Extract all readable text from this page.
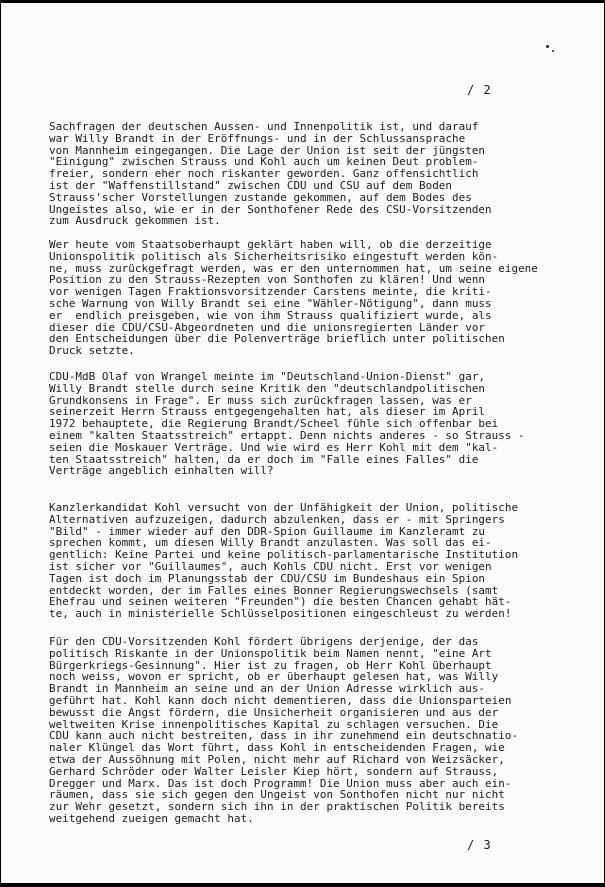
/ 2

Sachfragen der deutschen Aussen- und Innenpolitik ist, und darauf
war Willy Brandt in der Eröffnungs- und in der Schlussansprache
von Mannheim eingegangen. Die Lage der Union ist seit der jüngsten
"Einigung" zwischen Strauss und Kohl auch um keinen Deut problem-
freier, sondern eher noch riskanter geworden. Ganz offensichtlich
ist der "Waffenstillstand" zwischen CDU und CSU auf dem Boden
Strauss'scher Vorstellungen zustande gekommen, auf dem Bodes des
Ungeistes also, wie er in der Sonthofener Rede des CSU-Vorsitzenden
zum Ausdruck gekommen ist.

Wer heute vom Staatsoberhaupt geklärt haben will, ob die derzeitige
Unionspolitik politisch als Sicherheitsrisiko eingestuft werden kön-
ne, muss zurückgefragt werden, was er den unternommen hat, um seine eigene
Position zu den Strauss-Rezepten von Sonthofen zu klären! Und wenn
vor wenigen Tagen Fraktionsvorsitzender Carstens meinte, die kriti-
sche Warnung von Willy Brandt sei eine "Wähler-Nötigung", dann muss
er  endlich preisgeben, wie von ihm Strauss qualifiziert wurde, als
dieser die CDU/CSU-Abgeordneten und die unionsregierten Länder vor
den Entscheidungen über die Polenverträge brieflich unter politischen
Druck setzte.

CDU-MdB Olaf von Wrangel meinte im "Deutschland-Union-Dienst" gar,
Willy Brandt stelle durch seine Kritik den "deutschlandpolitischen
Grundkonsens in Frage". Er muss sich zurückfragen lassen, was er
seinerzeit Herrn Strauss entgegengehalten hat, als dieser im April
1972 behauptete, die Regierung Brandt/Scheel fühle sich offenbar bei
einem "kalten Staatsstreich" ertappt. Denn nichts anderes - so Strauss -
seien die Moskauer Verträge. Und wie wird es Herr Kohl mit dem "kal-
ten Staatsstreich" halten, da er doch im "Falle eines Falles" die
Verträge angeblich einhalten will?

Kanzlerkandidat Kohl versucht von der Unfähigkeit der Union, politische
Alternativen aufzuzeigen, dadurch abzulenken, dass er - mit Springers
"Bild" - immer wieder auf den DDR-Spion Guillaume im Kanzleramt zu
sprechen kommt, um diesen Willy Brandt anzulasten. Was soll das ei-
gentlich: Keine Partei und keine politisch-parlamentarische Institution
ist sicher vor "Guillaumes", auch Kohls CDU nicht. Erst vor wenigen
Tagen ist doch im Planungsstab der CDU/CSU im Bundeshaus ein Spion
entdeckt worden, der im Falles eines Bonner Regierungswechsels (samt
Ehefrau und seinen weiteren "Freunden") die besten Chancen gehabt hät-
te, auch in ministerielle Schlüsselpositionen eingeschleust zu werden!

Für den CDU-Vorsitzenden Kohl fördert übrigens derjenige, der das
politisch Riskante in der Unionspolitik beim Namen nennt, "eine Art
Bürgerkriegs-Gesinnung". Hier ist zu fragen, ob Herr Kohl überhaupt
noch weiss, wovon er spricht, ob er überhaupt gelesen hat, was Willy
Brandt in Mannheim an seine und an der Union Adresse wirklich aus-
geführt hat. Kohl kann doch nicht dementieren, dass die Unionsparteien
bewusst die Angst fördern, die Unsicherheit organisieren und aus der
weltweiten Krise innenpolitisches Kapital zu schlagen versuchen. Die
CDU kann auch nicht bestreiten, dass in ihr zunehmend ein deutschnatio-
naler Klüngel das Wort führt, dass Kohl in entscheidenden Fragen, wie
etwa der Aussöhnung mit Polen, nicht mehr auf Richard von Weizsäcker,
Gerhard Schröder oder Walter Leisler Kiep hört, sondern auf Strauss,
Dregger und Marx. Das ist doch Programm! Die Union muss aber auch ein-
räumen, dass sie sich gegen den Ungeist von Sonthofen nicht nur nicht
zur Wehr gesetzt, sondern sich ihn in der praktischen Politik bereits
weitgehend zueigen gemacht hat.

/ 3
